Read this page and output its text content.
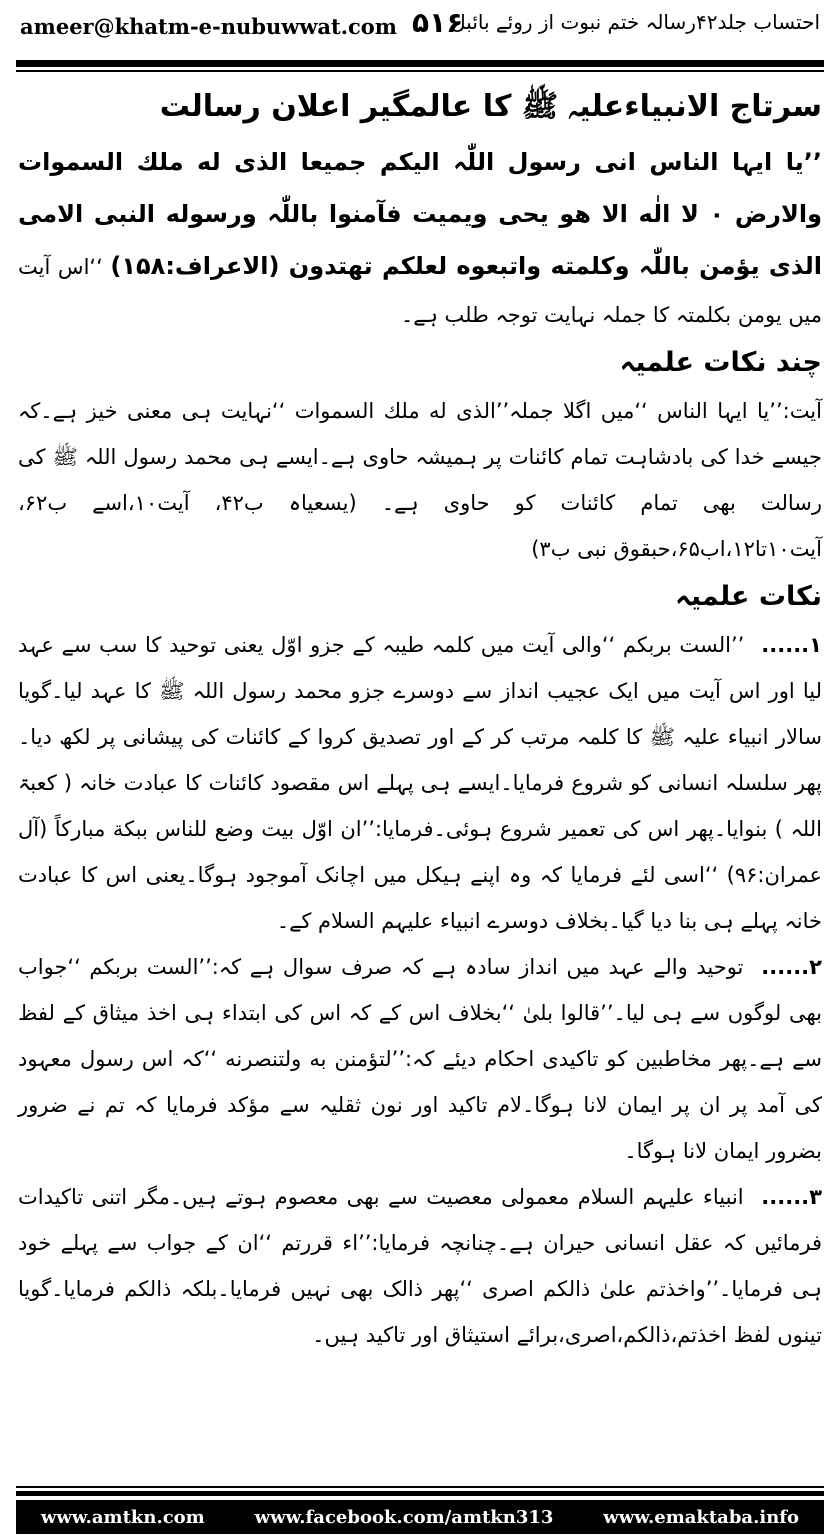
ameer@khatm-e-nubuwwat.com ۵۱۶
احتساب جلد۴۲رسالہ ختم نبوت از روئے بائبل

سرتاج الانبیاءعلیہ ﷺ کا عالمگیر اعلان رسالت

’’یا ایہا الناس انی رسول اللّٰہ الیکم جمیعا الذی له ملك السموات والارض ۰ لا الٰه الا ھو یحی ویمیت فآمنوا باللّٰہ ورسوله النبی الامی الذی یؤمن باللّٰہ وکلمته واتبعوه لعلکم تهتدون (الاعراف:۱۵۸) ‘‘اس آیت میں یومن بکلمتہ کا جملہ نہایت توجہ طلب ہے۔

چند نکات علمیہ

آیت:’’یا ایہا الناس ‘‘میں اگلا جملہ’’الذی له ملك السموات ‘‘نہایت ہی معنی خیز ہے۔کہ جیسے خدا کی بادشاہت تمام کائنات پر ہمیشہ حاوی ہے۔ایسے ہی محمد رسول اللہ ﷺ کی رسالت بھی تمام کائنات کو حاوی ہے۔ (یسعیاہ ب۴۲، آیت۱۰،اسے ب۶۲، آیت۱۰تا۱۲،اب۶۵،حبقوق نبی ب۳)

نکات علمیہ

۱...... ’’الست بربکم ‘‘والی آیت میں کلمہ طیبہ کے جزو اوّل یعنی توحید کا سب سے عہد لیا اور اس آیت میں ایک عجیب انداز سے دوسرے جزو محمد رسول اللہ ﷺ کا عہد لیا۔گویا سالار انبیاء علیہ ﷺ کا کلمہ مرتب کر کے اور تصدیق کروا کے کائنات کی پیشانی پر لکھ دیا۔پھر سلسلہ انسانی کو شروع فرمایا۔ایسے ہی پہلے اس مقصود کائنات کا عبادت خانہ ( کعبۃ اللہ ) بنوایا۔پھر اس کی تعمیر شروع ہوئی۔فرمایا:’’ان اوّل بیت وضع للناس ببکة مبارکاً (آل عمران:۹۶) ‘‘اسی لئے فرمایا کہ وہ اپنے ہیکل میں اچانک آموجود ہوگا۔یعنی اس کا عبادت خانہ پہلے ہی بنا دیا گیا۔بخلاف دوسرے انبیاء علیہم السلام کے۔

۲...... توحید والے عہد میں انداز سادہ ہے کہ صرف سوال ہے کہ:’’الست بربکم ‘‘جواب بھی لوگوں سے ہی لیا۔’’قالوا بلیٰ ‘‘بخلاف اس کے کہ اس کی ابتداء ہی اخذ میثاق کے لفظ سے ہے۔پھر مخاطبین کو تاکیدی احکام دیئے کہ:’’لتؤمنن به ولتنصرنه ‘‘کہ اس رسول معہود کی آمد پر ان پر ایمان لانا ہوگا۔لام تاکید اور نون ثقلیہ سے مؤکد فرمایا کہ تم نے ضرور بضرور ایمان لانا ہوگا۔

۳...... انبیاء علیہم السلام معمولی معصیت سے بھی معصوم ہوتے ہیں۔مگر اتنی تاکیدات فرمائیں کہ عقل انسانی حیران ہے۔چنانچہ فرمایا:’’اء قررتم ‘‘ان کے جواب سے پہلے خود ہی فرمایا۔’’واخذتم علیٰ ذالکم اصری ‘‘پھر ذالک بھی نہیں فرمایا۔بلکہ ذالکم فرمایا۔گویا تینوں لفظ اخذتم،ذالکم،اصری،برائے استیثاق اور تاکید ہیں۔

www.amtkn.com	www.facebook.com/amtkn313	www.emaktaba.info
